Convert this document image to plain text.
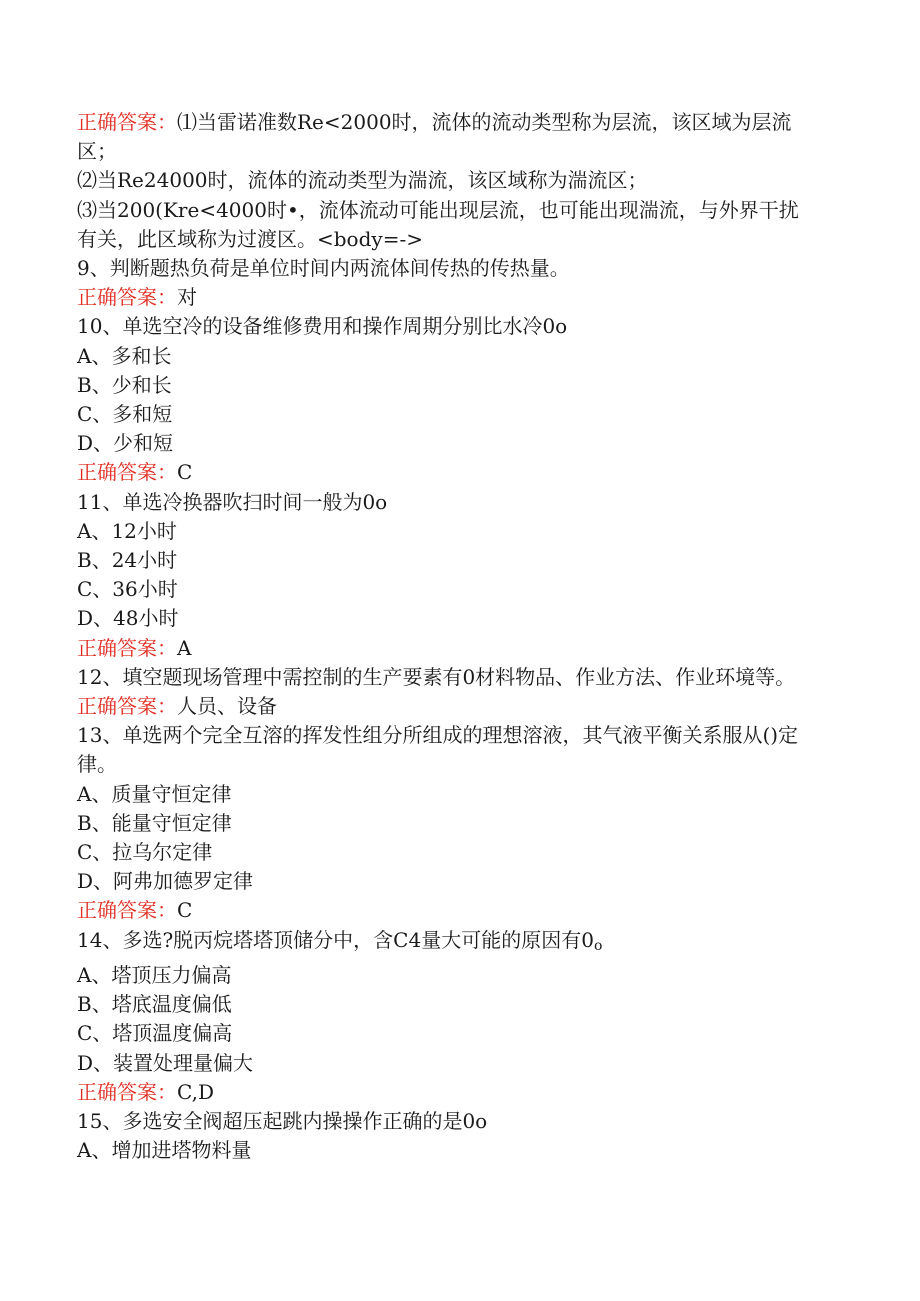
正确答案：⑴当雷诺准数Re<2000时，流体的流动类型称为层流，该区域为层流区；
⑵当Re24000时，流体的流动类型为湍流，该区域称为湍流区；
⑶当200(Kre<4000时•，流体流动可能出现层流，也可能出现湍流，与外界干扰有关，此区域称为过渡区。<body=->
9、判断题热负荷是单位时间内两流体间传热的传热量。
正确答案：对
10、单选空冷的设备维修费用和操作周期分别比水冷0o
A、多和长
B、少和长
C、多和短
D、少和短
正确答案：C
11、单选冷换器吹扫时间一般为0o
A、12小时
B、24小时
C、36小时
D、48小时
正确答案：A
12、填空题现场管理中需控制的生产要素有0材料物品、作业方法、作业环境等。
正确答案：人员、设备
13、单选两个完全互溶的挥发性组分所组成的理想溶液，其气液平衡关系服从()定律。
A、质量守恒定律
B、能量守恒定律
C、拉乌尔定律
D、阿弗加德罗定律
正确答案：C
14、多选?脱丙烷塔塔顶储分中，含C4量大可能的原因有$0_o$
A、塔顶压力偏高
B、塔底温度偏低
C、塔顶温度偏高
D、装置处理量偏大
正确答案：C,D
15、多选安全阀超压起跳内操操作正确的是0o
A、增加进塔物料量
